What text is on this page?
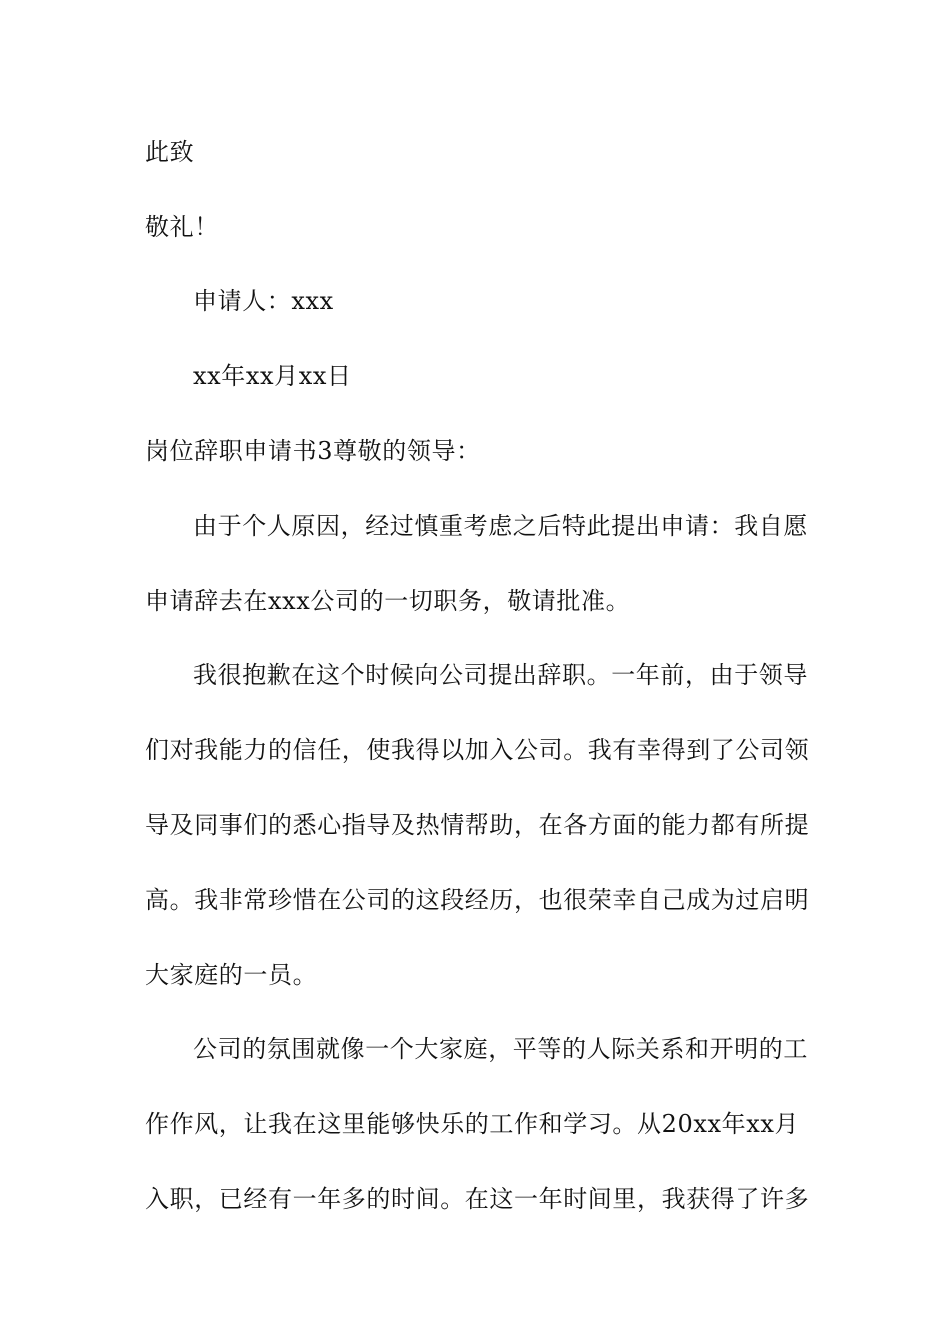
此致
敬礼！
申请人：xxx
xx年xx月xx日
岗位辞职申请书3尊敬的领导：
由于个人原因，经过慎重考虑之后特此提出申请：我自愿
申请辞去在xxx公司的一切职务，敬请批准。
我很抱歉在这个时候向公司提出辞职。一年前，由于领导
们对我能力的信任，使我得以加入公司。我有幸得到了公司领
导及同事们的悉心指导及热情帮助，在各方面的能力都有所提
高。我非常珍惜在公司的这段经历，也很荣幸自己成为过启明
大家庭的一员。
公司的氛围就像一个大家庭，平等的人际关系和开明的工
作作风，让我在这里能够快乐的工作和学习。从20xx年xx月
入职，已经有一年多的时间。在这一年时间里，我获得了许多
